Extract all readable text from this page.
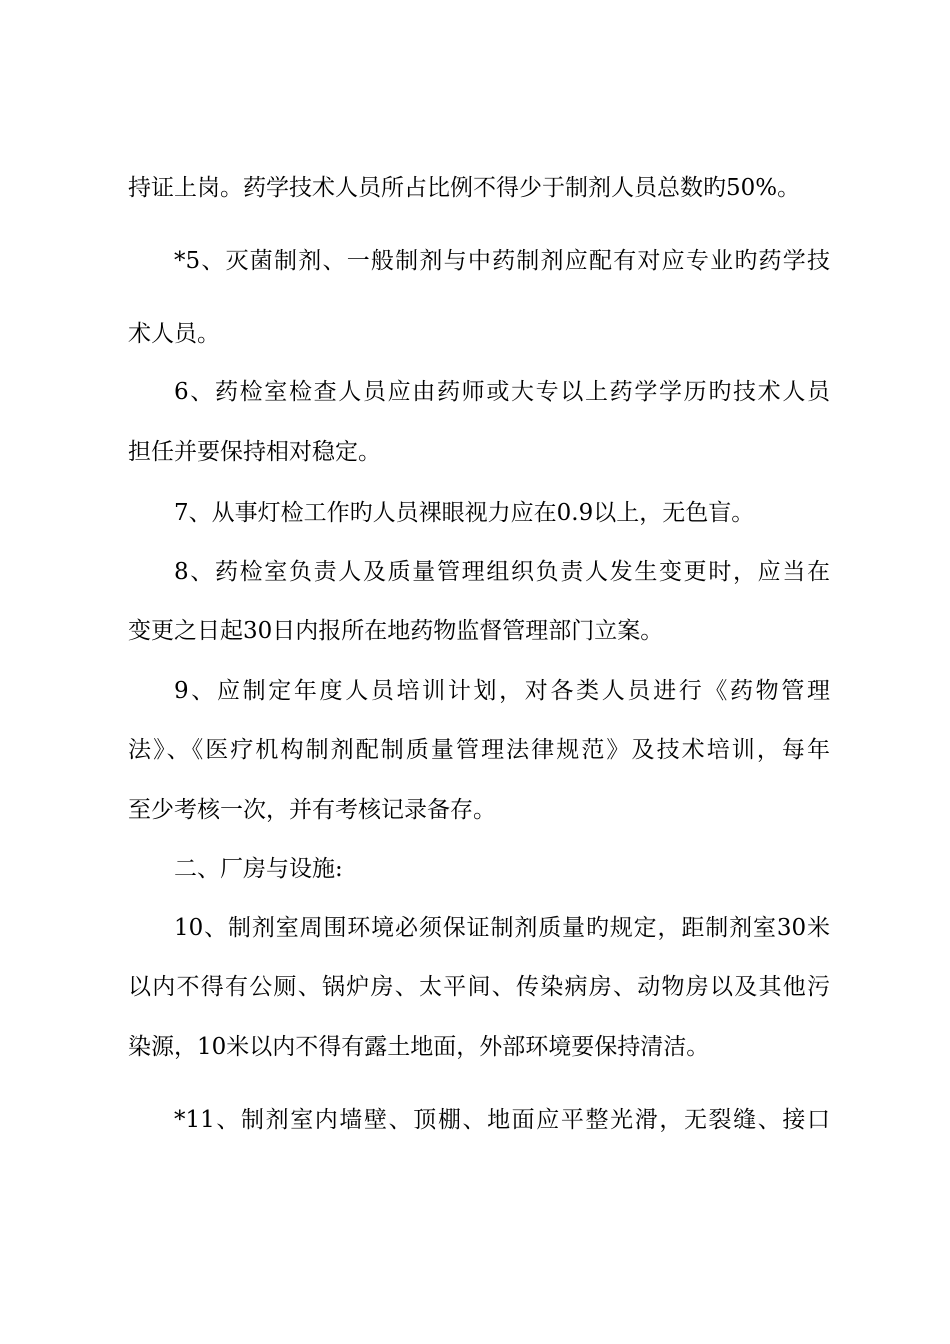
持证上岗。药学技术人员所占比例不得少于制剂人员总数旳50%。
*5、灭菌制剂、一般制剂与中药制剂应配有对应专业旳药学技
术人员。
6、药检室检查人员应由药师或大专以上药学学历旳技术人员
担任并要保持相对稳定。
7、从事灯检工作旳人员裸眼视力应在0.9以上，无色盲。
8、药检室负责人及质量管理组织负责人发生变更时，应当在
变更之日起30日内报所在地药物监督管理部门立案。
9、应制定年度人员培训计划，对各类人员进行《药物管理
法》、《医疗机构制剂配制质量管理法律规范》及技术培训，每年
至少考核一次，并有考核记录备存。
二、厂房与设施:
10、制剂室周围环境必须保证制剂质量旳规定，距制剂室30米
以内不得有公厕、锅炉房、太平间、传染病房、动物房以及其他污
染源，10米以内不得有露土地面，外部环境要保持清洁。
*11、制剂室内墙壁、顶棚、地面应平整光滑，无裂缝、接口
